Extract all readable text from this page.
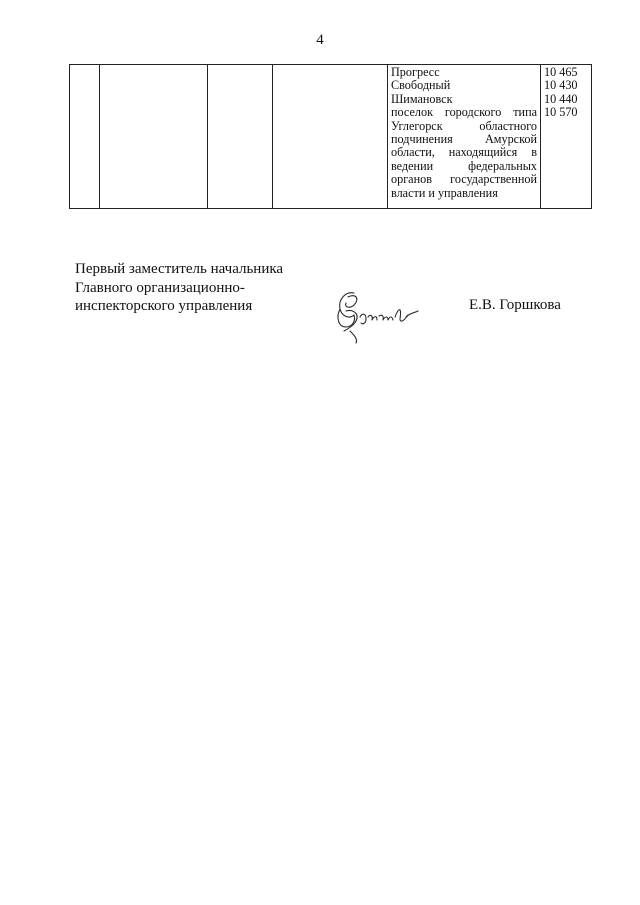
4

Прогресс
Свободный
Шимановск
поселок городского типа Углегорск областного подчинения Амурской области, находящийся в ведении федеральных органов государственной власти и управления

10 465
10 430
10 440
10 570
Первый заместитель начальника
Главного организационно-
инспекторского управления	Е.В. Горшкова
